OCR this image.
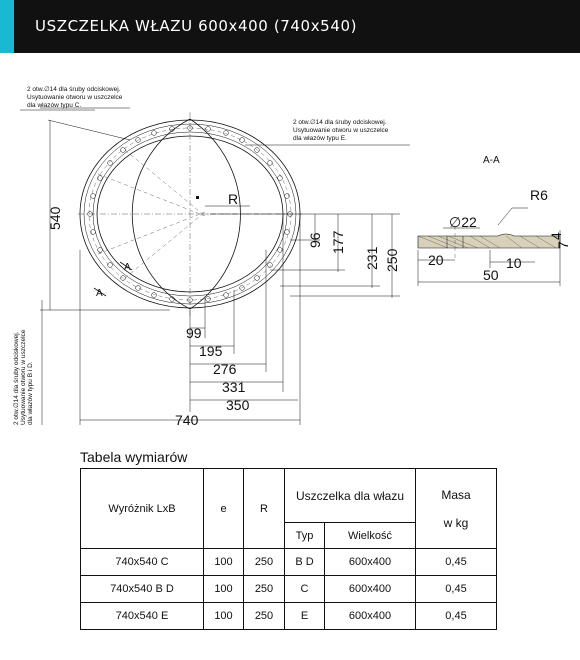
USZCZELKA WŁAZU 600x400 (740x540)
R
A
A
2 otw.∅14 dla śruby odciskowej.
Usytuowanie otworu w uszczelce
dla włazów typu C.
2 otw.∅14 dla śruby odciskowej.
Usytuowanie otworu w uszczelce
dla włazów typu E.
2 otw.∅14 dla śruby odciskowej. Usytuowanie otworu w uszczelce dla włazów typu B i D.
540
740
350
331
276
195
99
96 177
231 250
A-A
∅22
R6
20	10
50
4
7
Tabela wymiarów
Wyróżnik LxB	e	R	Uszczelka dla włazu		Masa
w kg

			Typ	Wielkość	
740x540 C	100	250	B D	600x400	0,45
740x540 B D	100	250	C	600x400	0,45
740x540 E	100	250	E	600x400	0,45
